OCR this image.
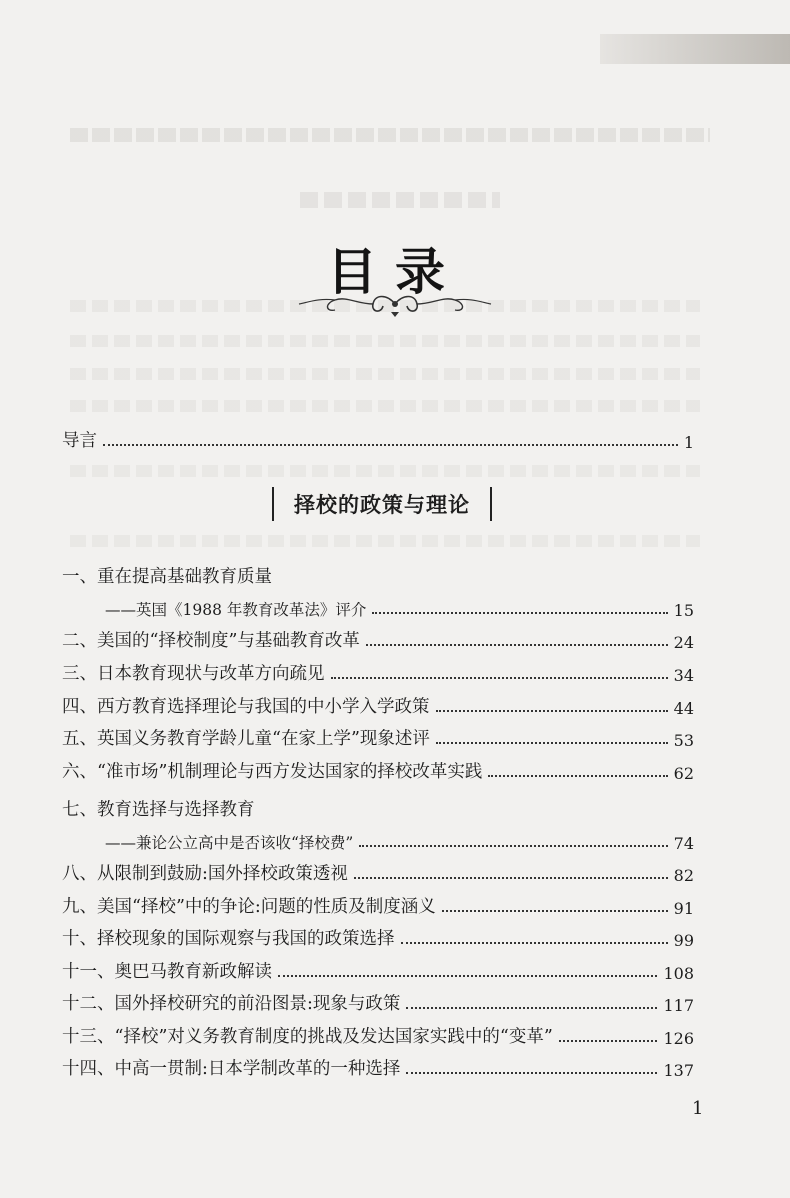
目录
导言	1
择校的政策与理论
一、重在提高基础教育质量
——英国《1988 年教育改革法》评介	15
二、美国的“择校制度”与基础教育改革	24
三、日本教育现状与改革方向疏见	34
四、西方教育选择理论与我国的中小学入学政策	44
五、英国义务教育学龄儿童“在家上学”现象述评	53
六、“准市场”机制理论与西方发达国家的择校改革实践	62
七、教育选择与选择教育
——兼论公立高中是否该收“择校费”	74
八、从限制到鼓励:国外择校政策透视	82
九、美国“择校”中的争论:问题的性质及制度涵义	91
十、择校现象的国际观察与我国的政策选择	99
十一、奥巴马教育新政解读	108
十二、国外择校研究的前沿图景:现象与政策	117
十三、“择校”对义务教育制度的挑战及发达国家实践中的“变革”	126
十四、中高一贯制:日本学制改革的一种选择	137
1
